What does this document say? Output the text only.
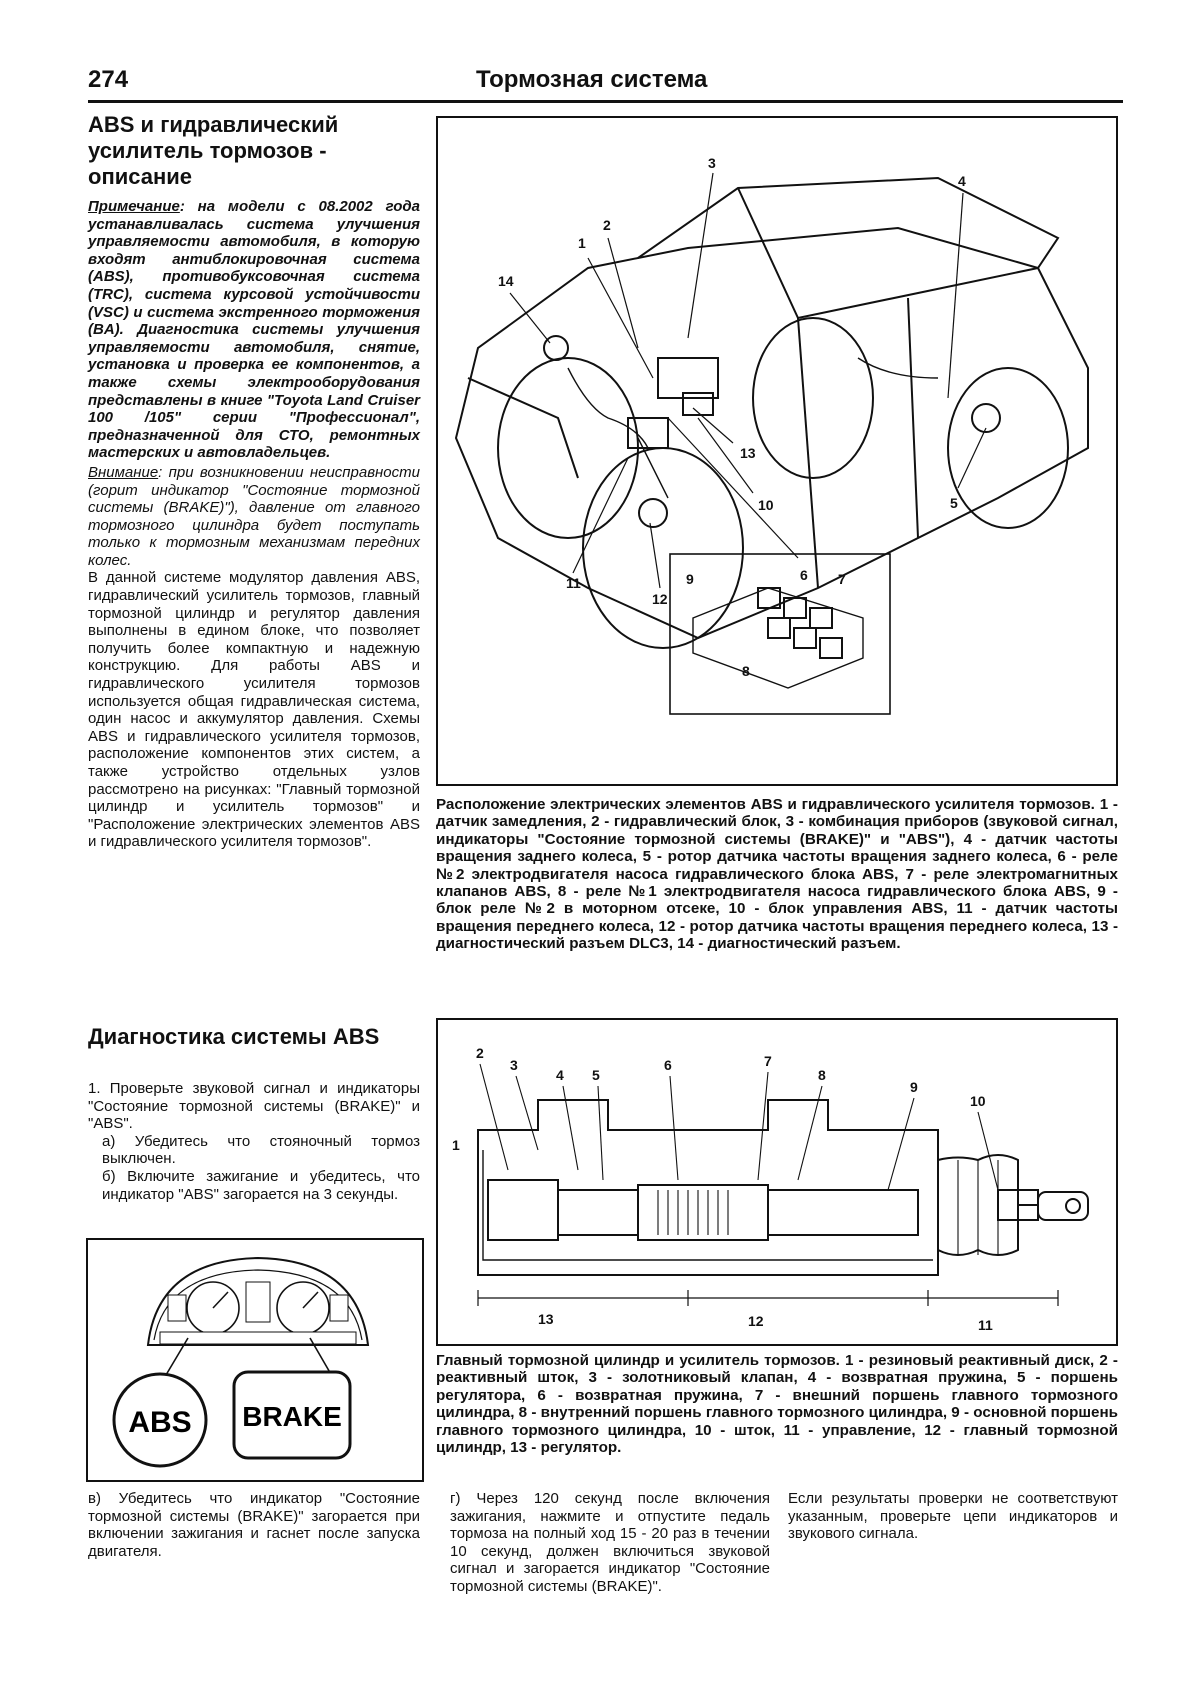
274	Тормозная система
ABS и гидравлический усилитель тормозов - описание

Примечание: на модели с 08.2002 года устанавливалась система улучшения управляемости автомобиля, в которую входят антиблокировочная система (ABS), противобуксовочная система (TRC), система курсовой устойчивости (VSC) и система экстренного торможения (BA). Диагностика системы улучшения управляемости автомобиля, снятие, установка и проверка ее компонентов, а также схемы электрооборудования представлены в книге "Toyota Land Cruiser 100 /105" серии "Профессионал", предназначенной для СТО, ремонтных мастерских и автовладельцев.

Внимание: при возникновении неисправности (горит индикатор "Состояние тормозной системы (BRAKE)"), давление от главного тормозного цилиндра будет поступать только к тормозным механизмам передних колес.

В данной системе модулятор давления ABS, гидравлический усилитель тормозов, главный тормозной цилиндр и регулятор давления выполнены в едином блоке, что позволяет получить более компактную и надежную конструкцию. Для работы ABS и гидравлического усилителя тормозов используется общая гидравлическая система, один насос и аккумулятор давления. Схемы ABS и гидравлического усилителя тормозов, расположение компонентов этих систем, а также устройство отдельных узлов рассмотрено на рисунках: "Главный тормозной цилиндр и усилитель тормозов" и "Расположение электрических элементов ABS и гидравлического усилителя тормозов".

Диагностика системы ABS

1. Проверьте звуковой сигнал и индикаторы "Состояние тормозной системы (BRAKE)" и "ABS".

а) Убедитесь что стояночный тормоз выключен.

б) Включите зажигание и убедитесь, что индикатор "ABS" загорается на 3 секунды.

ABS BRAKE
в) Убедитесь что индикатор "Состояние тормозной системы (BRAKE)" загорается при включении зажигания и гаснет после запуска двигателя.
1
2
3
4
5
6 7
8
9
10
11
12
13
14
Расположение электрических элементов ABS и гидравлического усилителя тормозов. 1 - датчик замедления, 2 - гидравлический блок, 3 - комбинация приборов (звуковой сигнал, индикаторы "Состояние тормозной системы (BRAKE)" и "ABS"), 4 - датчик частоты вращения заднего колеса, 5 - ротор датчика частоты вращения заднего колеса, 6 - реле №2 электродвигателя насоса гидравлического блока ABS, 7 - реле электромагнитных клапанов ABS, 8 - реле №1 электродвигателя насоса гидравлического блока ABS, 9 - блок реле №2 в моторном отсеке, 10 - блок управления ABS, 11 - датчик частоты вращения переднего колеса, 12 - ротор датчика частоты вращения переднего колеса, 13 - диагностический разъем DLC3, 14 - диагностический разъем.
1
2
3
4 5
6	7
8
9
10
11
12
13
Главный тормозной цилиндр и усилитель тормозов. 1 - резиновый реактивный диск, 2 - реактивный шток, 3 - золотниковый клапан, 4 - возвратная пружина, 5 - поршень регулятора, 6 - возвратная пружина, 7 - внешний поршень главного тормозного цилиндра, 8 - внутренний поршень главного тормозного цилиндра, 9 - основной поршень главного тормозного цилиндра, 10 - шток, 11 - управление, 12 - главный тормозной цилиндр, 13 - регулятор.
г) Через 120 секунд после включения зажигания, нажмите и отпустите педаль тормоза на полный ход 15 - 20 раз в течении 10 секунд, должен включиться звуковой сигнал и загорается индикатор "Состояние тормозной системы (BRAKE)".
Если результаты проверки не соответствуют указанным, проверьте цепи индикаторов и звукового сигнала.
